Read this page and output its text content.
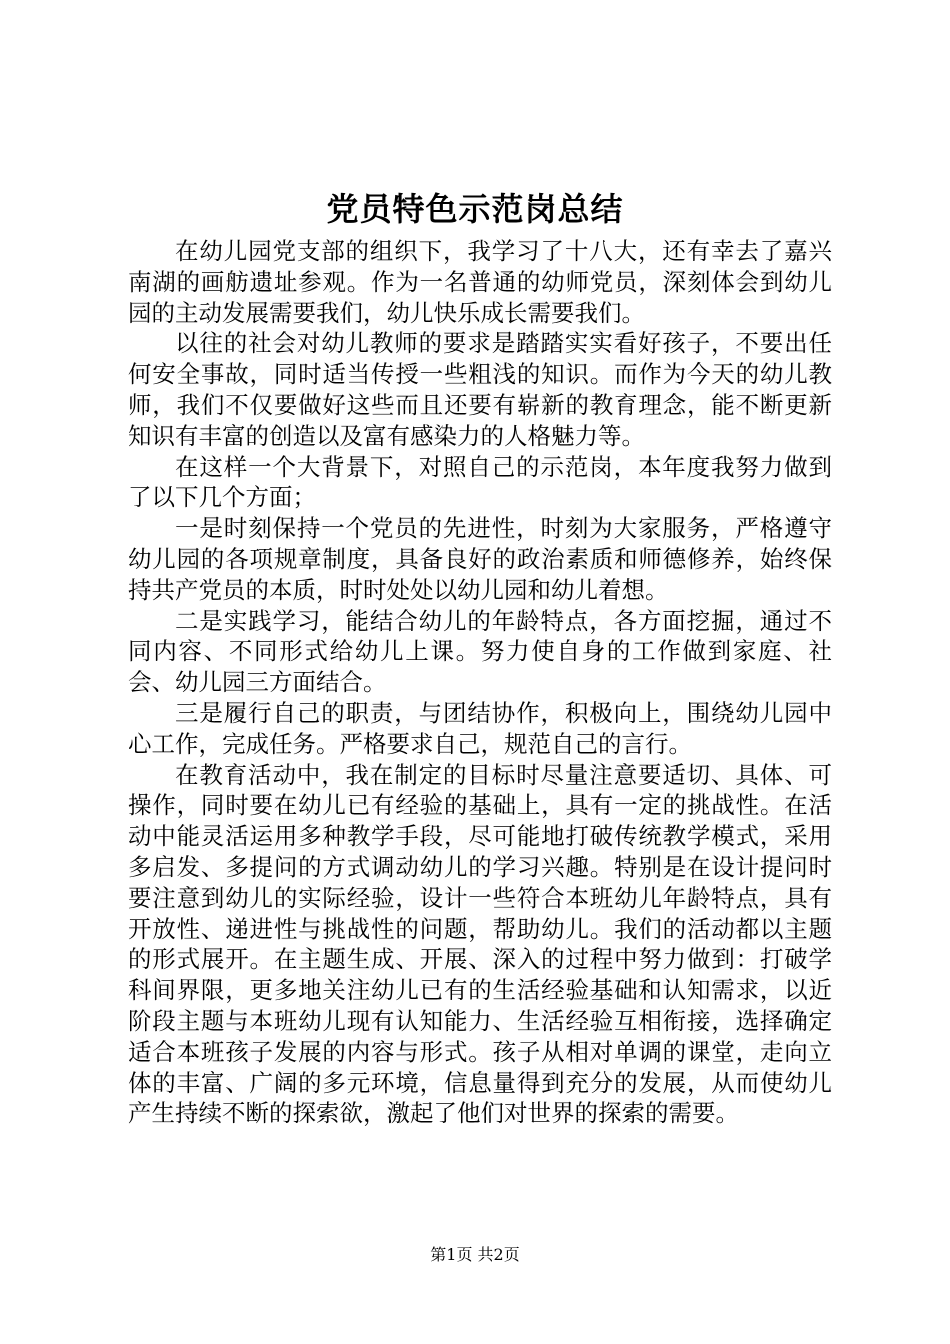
党员特色示范岗总结

在幼儿园党支部的组织下，我学习了十八大，还有幸去了嘉兴南湖的画舫遗址参观。作为一名普通的幼师党员，深刻体会到幼儿园的主动发展需要我们，幼儿快乐成长需要我们。

以往的社会对幼儿教师的要求是踏踏实实看好孩子，不要出任何安全事故，同时适当传授一些粗浅的知识。而作为今天的幼儿教师，我们不仅要做好这些而且还要有崭新的教育理念，能不断更新知识有丰富的创造以及富有感染力的人格魅力等。

在这样一个大背景下，对照自己的示范岗，本年度我努力做到了以下几个方面；

一是时刻保持一个党员的先进性，时刻为大家服务，严格遵守幼儿园的各项规章制度，具备良好的政治素质和师德修养，始终保持共产党员的本质，时时处处以幼儿园和幼儿着想。

二是实践学习，能结合幼儿的年龄特点，各方面挖掘，通过不同内容、不同形式给幼儿上课。努力使自身的工作做到家庭、社会、幼儿园三方面结合。

三是履行自己的职责，与团结协作，积极向上，围绕幼儿园中心工作，完成任务。严格要求自己，规范自己的言行。

在教育活动中，我在制定的目标时尽量注意要适切、具体、可操作，同时要在幼儿已有经验的基础上，具有一定的挑战性。在活动中能灵活运用多种教学手段，尽可能地打破传统教学模式，采用多启发、多提问的方式调动幼儿的学习兴趣。特别是在设计提问时要注意到幼儿的实际经验，设计一些符合本班幼儿年龄特点，具有开放性、递进性与挑战性的问题，帮助幼儿。我们的活动都以主题的形式展开。在主题生成、开展、深入的过程中努力做到：打破学科间界限，更多地关注幼儿已有的生活经验基础和认知需求，以近阶段主题与本班幼儿现有认知能力、生活经验互相衔接，选择确定适合本班孩子发展的内容与形式。孩子从相对单调的课堂，走向立体的丰富、广阔的多元环境，信息量得到充分的发展，从而使幼儿产生持续不断的探索欲，激起了他们对世界的探索的需要。

第1页 共2页
